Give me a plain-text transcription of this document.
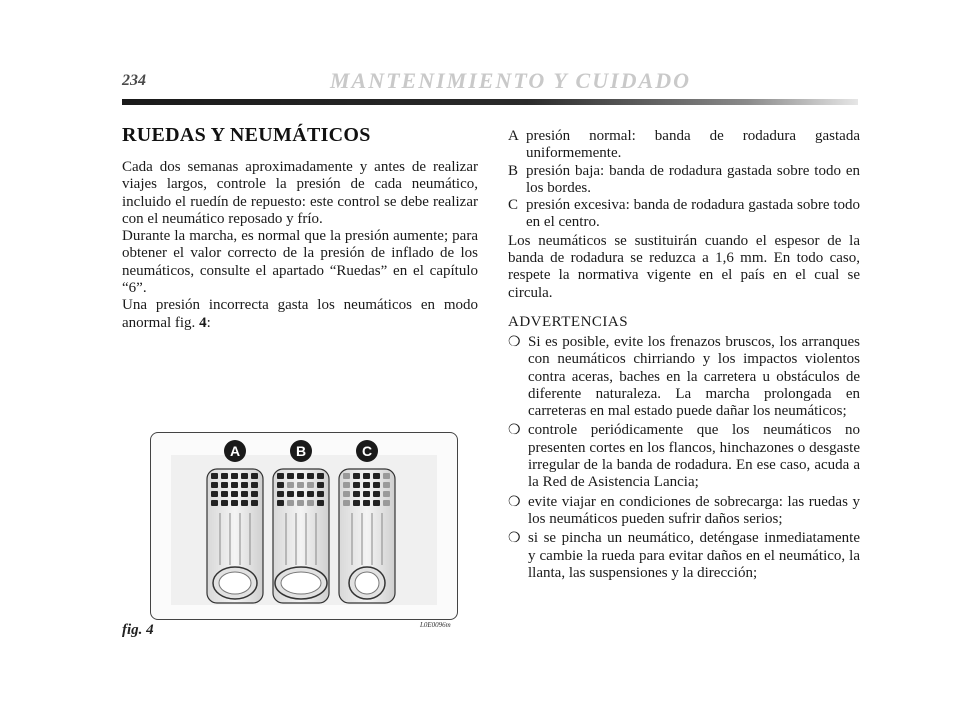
234	MANTENIMIENTO Y CUIDADO
RUEDAS Y NEUMÁTICOS

Cada dos semanas aproximadamente y antes de realizar viajes largos, controle la presión de cada neumático, incluido el ruedín de repuesto: este control se debe realizar con el neumático reposado y frío.

Durante la marcha, es normal que la presión aumente; para obtener el valor correcto de la presión de inflado de los neumáticos, consulte el apartado “Ruedas” en el capítulo “6”.

Una presión incorrecta gasta los neumáticos en modo anormal fig. 4:

A	B	C
fig. 4	L0E0096m
A presión normal: banda de rodadura gastada uniformemente.
B presión baja: banda de rodadura gastada sobre todo en los bordes.
C presión excesiva: banda de rodadura gastada sobre todo en el centro.

Los neumáticos se sustituirán cuando el espesor de la banda de rodadura se reduzca a 1,6 mm. En todo caso, respete la normativa vigente en el país en el cual se circula.

ADVERTENCIAS
❍ Si es posible, evite los frenazos bruscos, los arranques con neumáticos chirriando y los impactos violentos contra aceras, baches en la carretera u obstáculos de diferente naturaleza. La marcha prolongada en carreteras en mal estado puede dañar los neumáticos;
❍ controle periódicamente que los neumáticos no presenten cortes en los flancos, hinchazones o desgaste irregular de la banda de rodadura. En ese caso, acuda a la Red de Asistencia Lancia;
❍ evite viajar en condiciones de sobrecarga: las ruedas y los neumáticos pueden sufrir daños serios;
❍ si se pincha un neumático, deténgase inmediatamente y cambie la rueda para evitar daños en el neumático, la llanta, las suspensiones y la dirección;
